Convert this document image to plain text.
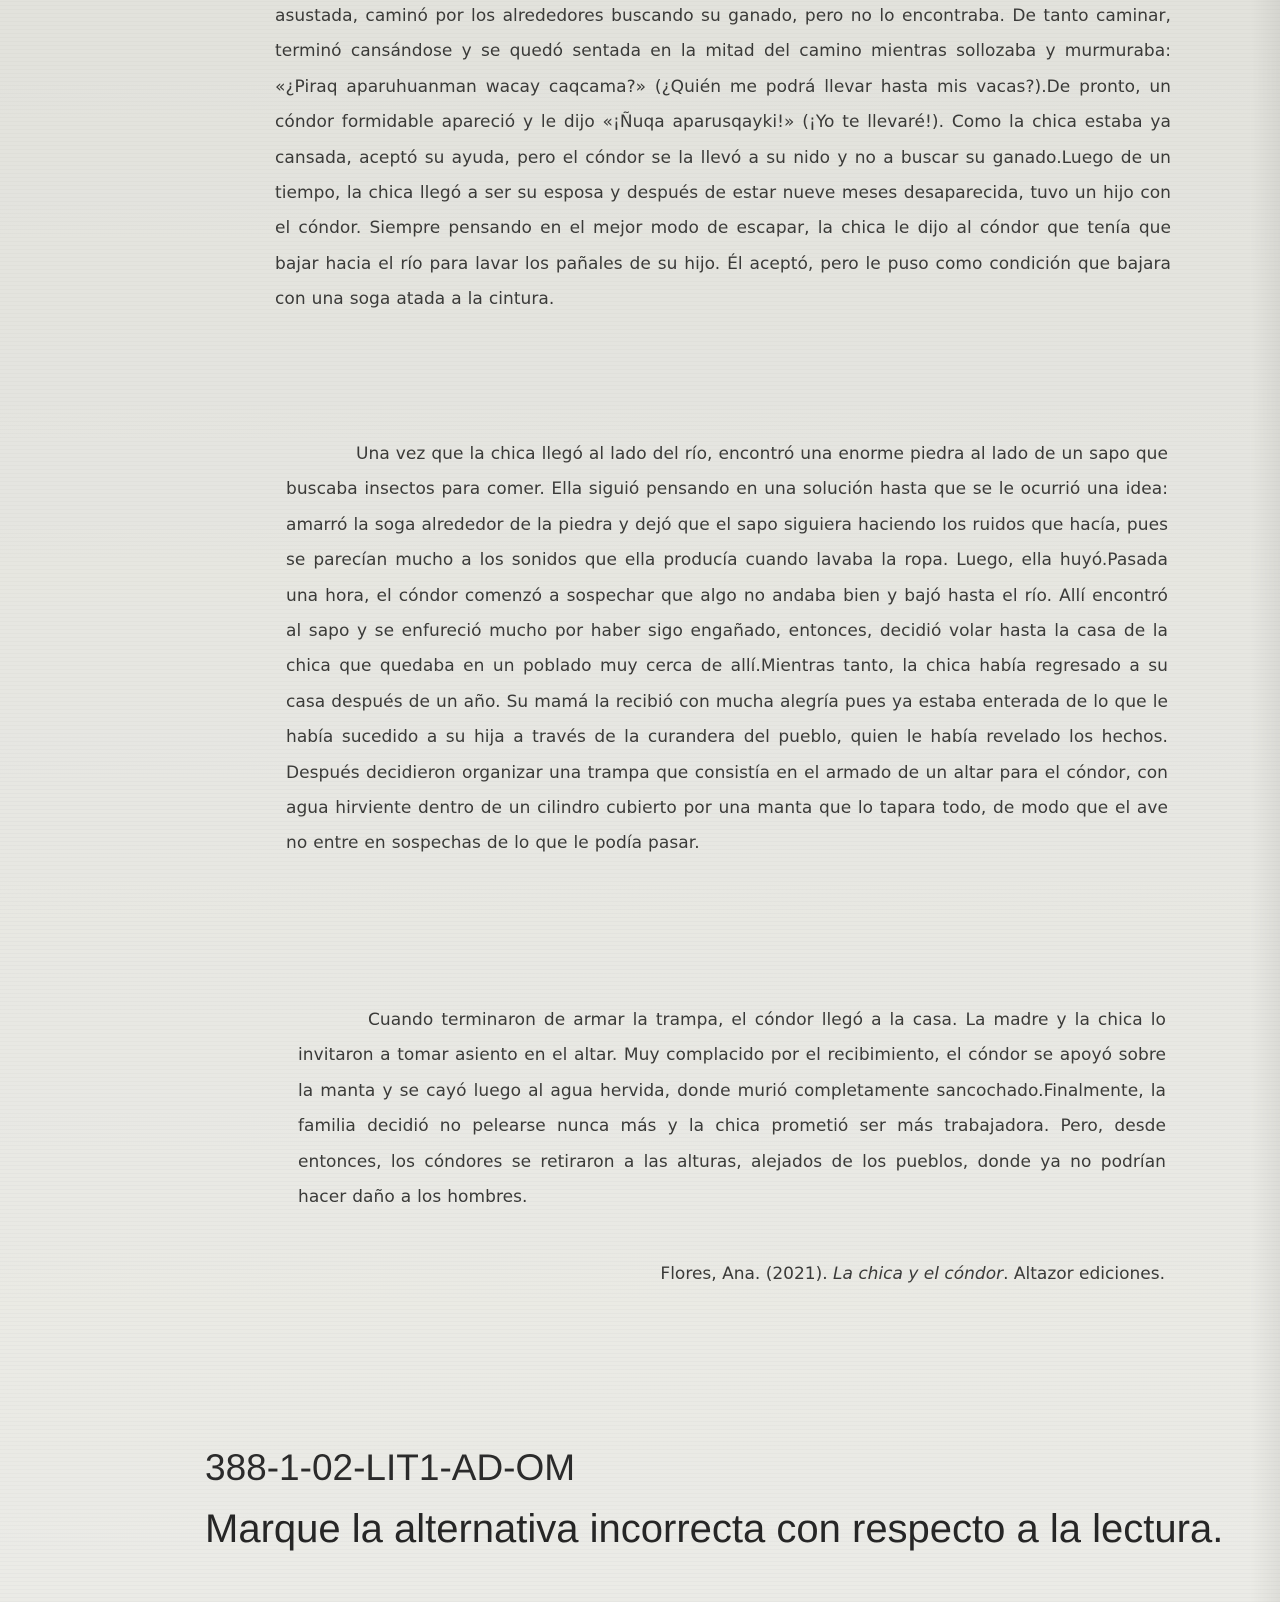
asustada, caminó por los alrededores buscando su ganado, pero no lo encontraba. De tanto caminar, terminó cansándose y se quedó sentada en la mitad del camino mientras sollozaba y murmuraba: «¿Piraq aparuhuanman wacay caqcama?» (¿Quién me podrá llevar hasta mis vacas?).De pronto, un cóndor formidable apareció y le dijo «¡Ñuqa aparusqayki!» (¡Yo te llevaré!). Como la chica estaba ya cansada, aceptó su ayuda, pero el cóndor se la llevó a su nido y no a buscar su ganado.Luego de un tiempo, la chica llegó a ser su esposa y después de estar nueve meses desaparecida, tuvo un hijo con el cóndor. Siempre pensando en el mejor modo de escapar, la chica le dijo al cóndor que tenía que bajar hacia el río para lavar los pañales de su hijo. Él aceptó, pero le puso como condición que bajara con una soga atada a la cintura.

Una vez que la chica llegó al lado del río, encontró una enorme piedra al lado de un sapo que buscaba insectos para comer. Ella siguió pensando en una solución hasta que se le ocurrió una idea: amarró la soga alrededor de la piedra y dejó que el sapo siguiera haciendo los ruidos que hacía, pues se parecían mucho a los sonidos que ella producía cuando lavaba la ropa. Luego, ella huyó.Pasada una hora, el cóndor comenzó a sospechar que algo no andaba bien y bajó hasta el río. Allí encontró al sapo y se enfureció mucho por haber sigo engañado, entonces, decidió volar hasta la casa de la chica que quedaba en un poblado muy cerca de allí.Mientras tanto, la chica había regresado a su casa después de un año. Su mamá la recibió con mucha alegría pues ya estaba enterada de lo que le había sucedido a su hija a través de la curandera del pueblo, quien le había revelado los hechos. Después decidieron organizar una trampa que consistía en el armado de un altar para el cóndor, con agua hirviente dentro de un cilindro cubierto por una manta que lo tapara todo, de modo que el ave no entre en sospechas de lo que le podía pasar.

Cuando terminaron de armar la trampa, el cóndor llegó a la casa. La madre y la chica lo invitaron a tomar asiento en el altar. Muy complacido por el recibimiento, el cóndor se apoyó sobre la manta y se cayó luego al agua hervida, donde murió completamente sancochado.Finalmente, la familia decidió no pelearse nunca más y la chica prometió ser más trabajadora. Pero, desde entonces, los cóndores se retiraron a las alturas, alejados de los pueblos, donde ya no podrían hacer daño a los hombres.

Flores, Ana. (2021). La chica y el cóndor. Altazor ediciones.
388-1-02-LIT1-AD-OM
Marque la alternativa incorrecta con respecto a la lectura.
